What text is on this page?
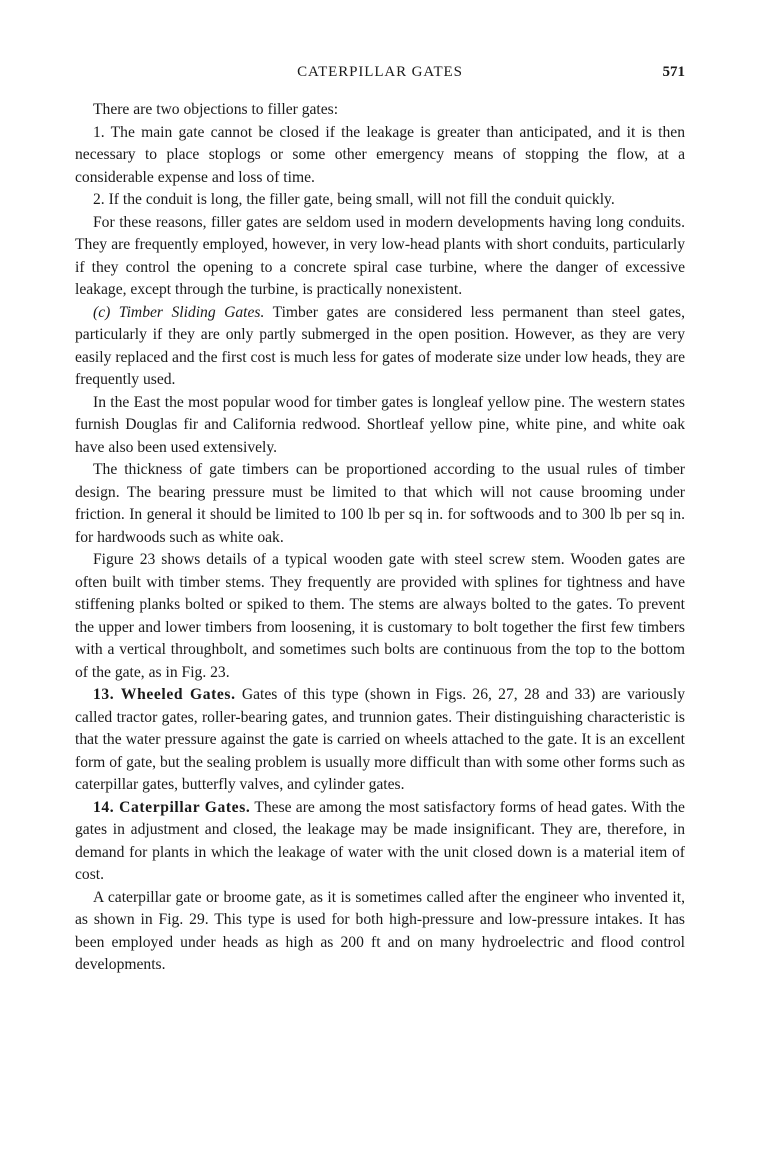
CATERPILLAR GATES	571

There are two objections to filler gates:

1. The main gate cannot be closed if the leakage is greater than anticipated, and it is then necessary to place stoplogs or some other emergency means of stopping the flow, at a considerable expense and loss of time.

2. If the conduit is long, the filler gate, being small, will not fill the conduit quickly.

For these reasons, filler gates are seldom used in modern developments having long conduits. They are frequently employed, however, in very low-head plants with short conduits, particularly if they control the opening to a concrete spiral case turbine, where the danger of excessive leakage, except through the turbine, is practically nonexistent.

(c) Timber Sliding Gates. Timber gates are considered less permanent than steel gates, particularly if they are only partly submerged in the open position. However, as they are very easily replaced and the first cost is much less for gates of moderate size under low heads, they are frequently used.

In the East the most popular wood for timber gates is longleaf yellow pine. The western states furnish Douglas fir and California redwood. Shortleaf yellow pine, white pine, and white oak have also been used extensively.

The thickness of gate timbers can be proportioned according to the usual rules of timber design. The bearing pressure must be limited to that which will not cause brooming under friction. In general it should be limited to 100 lb per sq in. for softwoods and to 300 lb per sq in. for hardwoods such as white oak.

Figure 23 shows details of a typical wooden gate with steel screw stem. Wooden gates are often built with timber stems. They frequently are provided with splines for tightness and have stiffening planks bolted or spiked to them. The stems are always bolted to the gates. To prevent the upper and lower timbers from loosening, it is customary to bolt together the first few timbers with a vertical throughbolt, and sometimes such bolts are continuous from the top to the bottom of the gate, as in Fig. 23.

13. Wheeled Gates. Gates of this type (shown in Figs. 26, 27, 28 and 33) are variously called tractor gates, roller-bearing gates, and trunnion gates. Their distinguishing characteristic is that the water pressure against the gate is carried on wheels attached to the gate. It is an excellent form of gate, but the sealing problem is usually more difficult than with some other forms such as caterpillar gates, butterfly valves, and cylinder gates.

14. Caterpillar Gates. These are among the most satisfactory forms of head gates. With the gates in adjustment and closed, the leakage may be made insignificant. They are, therefore, in demand for plants in which the leakage of water with the unit closed down is a material item of cost.

A caterpillar gate or broome gate, as it is sometimes called after the engineer who invented it, as shown in Fig. 29. This type is used for both high-pressure and low-pressure intakes. It has been employed under heads as high as 200 ft and on many hydroelectric and flood control developments.
